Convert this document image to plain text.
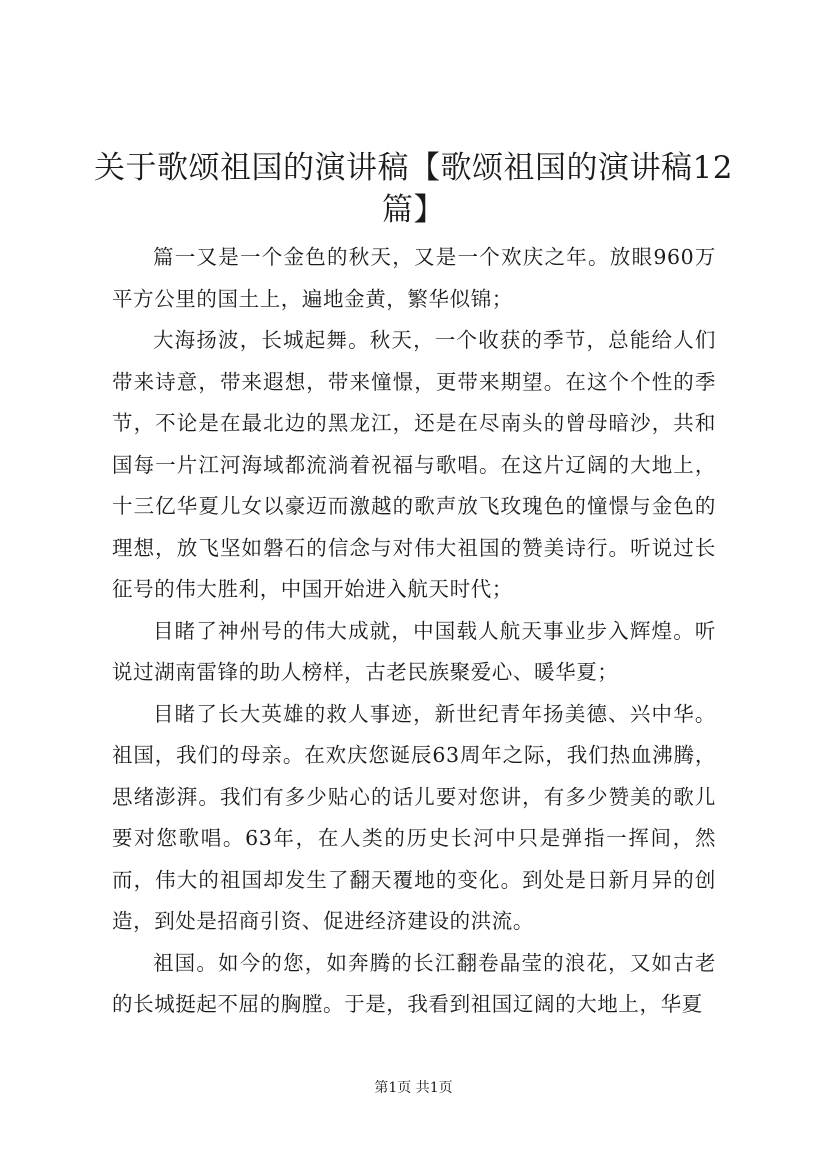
关于歌颂祖国的演讲稿【歌颂祖国的演讲稿12篇】

篇一又是一个金色的秋天，又是一个欢庆之年。放眼960万平方公里的国土上，遍地金黄，繁华似锦；

大海扬波，长城起舞。秋天，一个收获的季节，总能给人们带来诗意，带来遐想，带来憧憬，更带来期望。在这个个性的季节，不论是在最北边的黑龙江，还是在尽南头的曾母暗沙，共和国每一片江河海域都流淌着祝福与歌唱。在这片辽阔的大地上，十三亿华夏儿女以豪迈而激越的歌声放飞玫瑰色的憧憬与金色的理想，放飞坚如磐石的信念与对伟大祖国的赞美诗行。听说过长征号的伟大胜利，中国开始进入航天时代；

目睹了神州号的伟大成就，中国载人航天事业步入辉煌。听说过湖南雷锋的助人榜样，古老民族聚爱心、暖华夏；

目睹了长大英雄的救人事迹，新世纪青年扬美德、兴中华。祖国，我们的母亲。在欢庆您诞辰63周年之际，我们热血沸腾，思绪澎湃。我们有多少贴心的话儿要对您讲，有多少赞美的歌儿要对您歌唱。63年，在人类的历史长河中只是弹指一挥间，然而，伟大的祖国却发生了翻天覆地的变化。到处是日新月异的创造，到处是招商引资、促进经济建设的洪流。

祖国。如今的您，如奔腾的长江翻卷晶莹的浪花，又如古老的长城挺起不屈的胸膛。于是，我看到祖国辽阔的大地上，华夏

第1页 共1页
